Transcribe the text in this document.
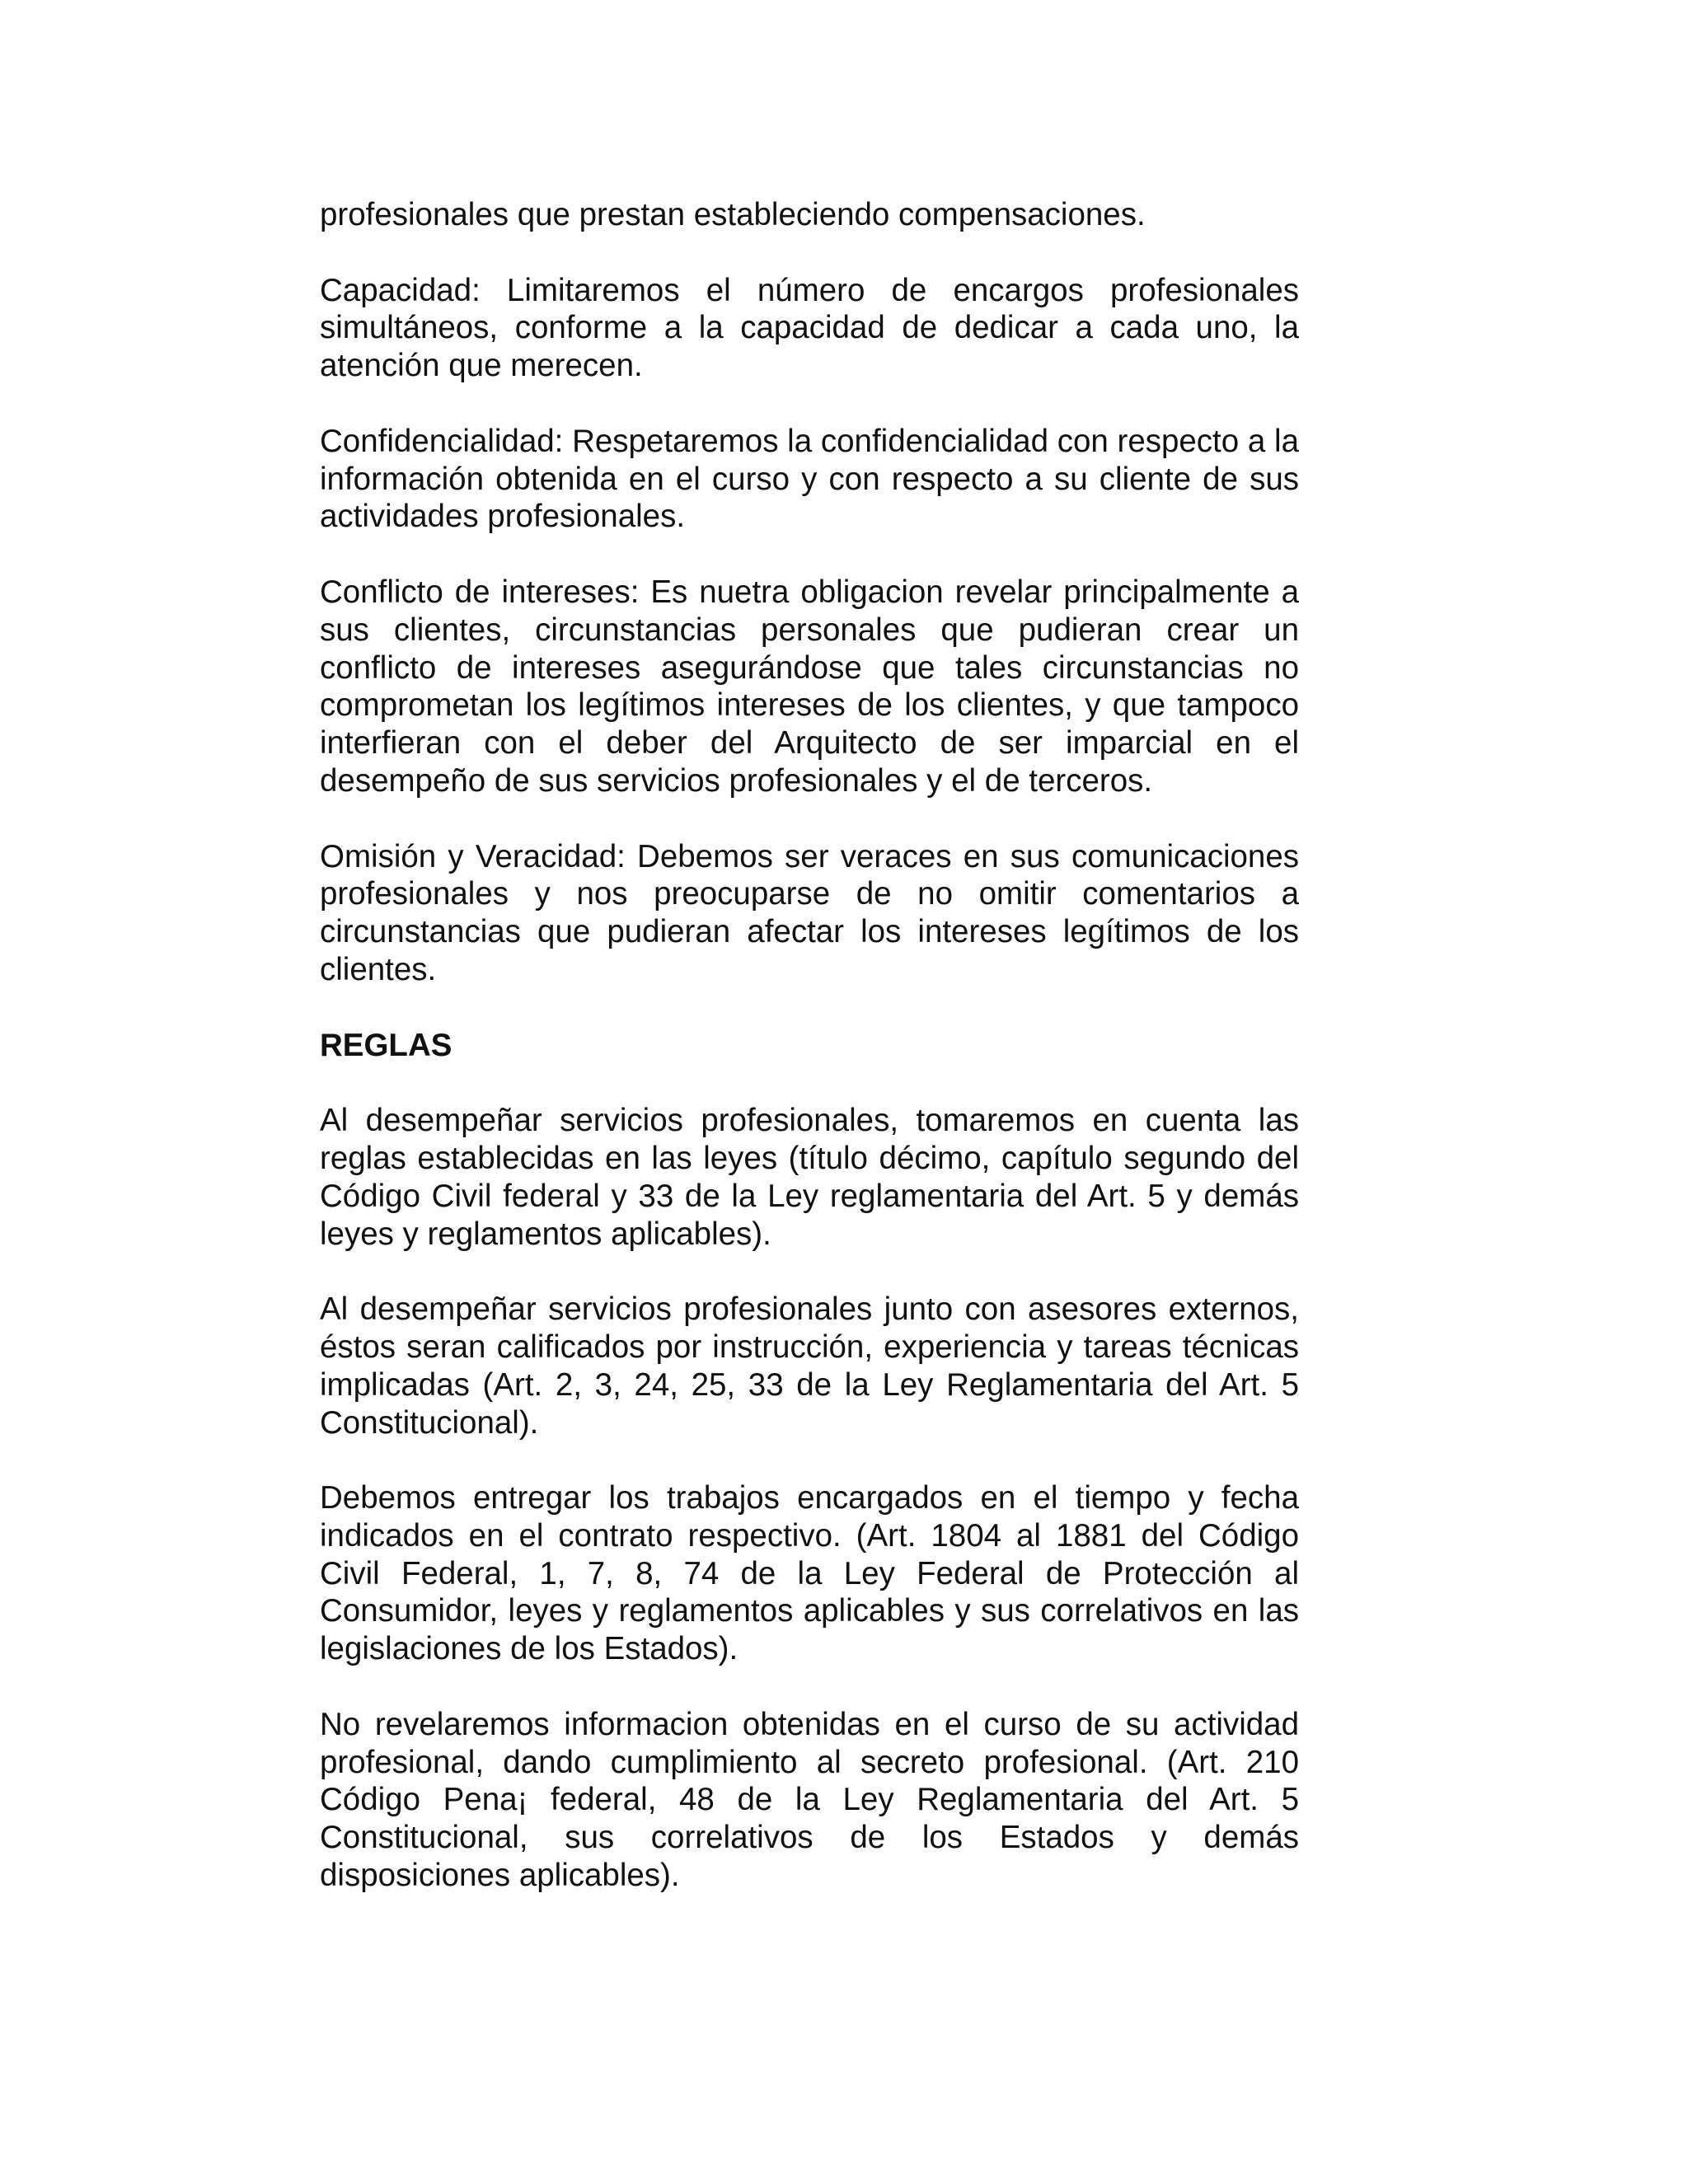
profesionales que prestan estableciendo compensaciones.

Capacidad: Limitaremos el número de encargos profesionales simultáneos, conforme a la capacidad de dedicar a cada uno, la atención que merecen.

Confidencialidad: Respetaremos la confidencialidad con respecto a la información obtenida en el curso y con respecto a su cliente de sus actividades profesionales.

Conflicto de intereses: Es nuetra obligacion revelar principalmente a sus clientes, circunstancias personales que pudieran crear un conflicto de intereses asegurándose que tales circunstancias no comprometan los legítimos intereses de los clientes, y que tampoco interfieran con el deber del Arquitecto de ser imparcial en el desempeño de sus servicios profesionales y el de terceros.

Omisión y Veracidad: Debemos ser veraces en sus comunicaciones profesionales y nos preocuparse de no omitir comentarios a circunstancias que pudieran afectar los intereses legítimos de los clientes.

REGLAS

Al desempeñar servicios profesionales, tomaremos en cuenta las reglas establecidas en las leyes (título décimo, capítulo segundo del Código Civil federal y 33 de la Ley reglamentaria del Art. 5 y demás leyes y reglamentos aplicables).

Al desempeñar servicios profesionales junto con asesores externos, éstos seran calificados por instrucción, experiencia y tareas técnicas implicadas (Art. 2, 3, 24, 25, 33 de la Ley Reglamentaria del Art. 5 Constitucional).

Debemos entregar los trabajos encargados en el tiempo y fecha indicados en el contrato respectivo. (Art. 1804 al 1881 del Código Civil Federal, 1, 7, 8, 74 de la Ley Federal de Protección al Consumidor, leyes y reglamentos aplicables y sus correlativos en las legislaciones de los Estados).

No revelaremos informacion obtenidas en el curso de su actividad profesional, dando cumplimiento al secreto profesional. (Art. 210 Código Pena¡ federal, 48 de la Ley Reglamentaria del Art. 5 Constitucional, sus correlativos de los Estados y demás disposiciones aplicables).
